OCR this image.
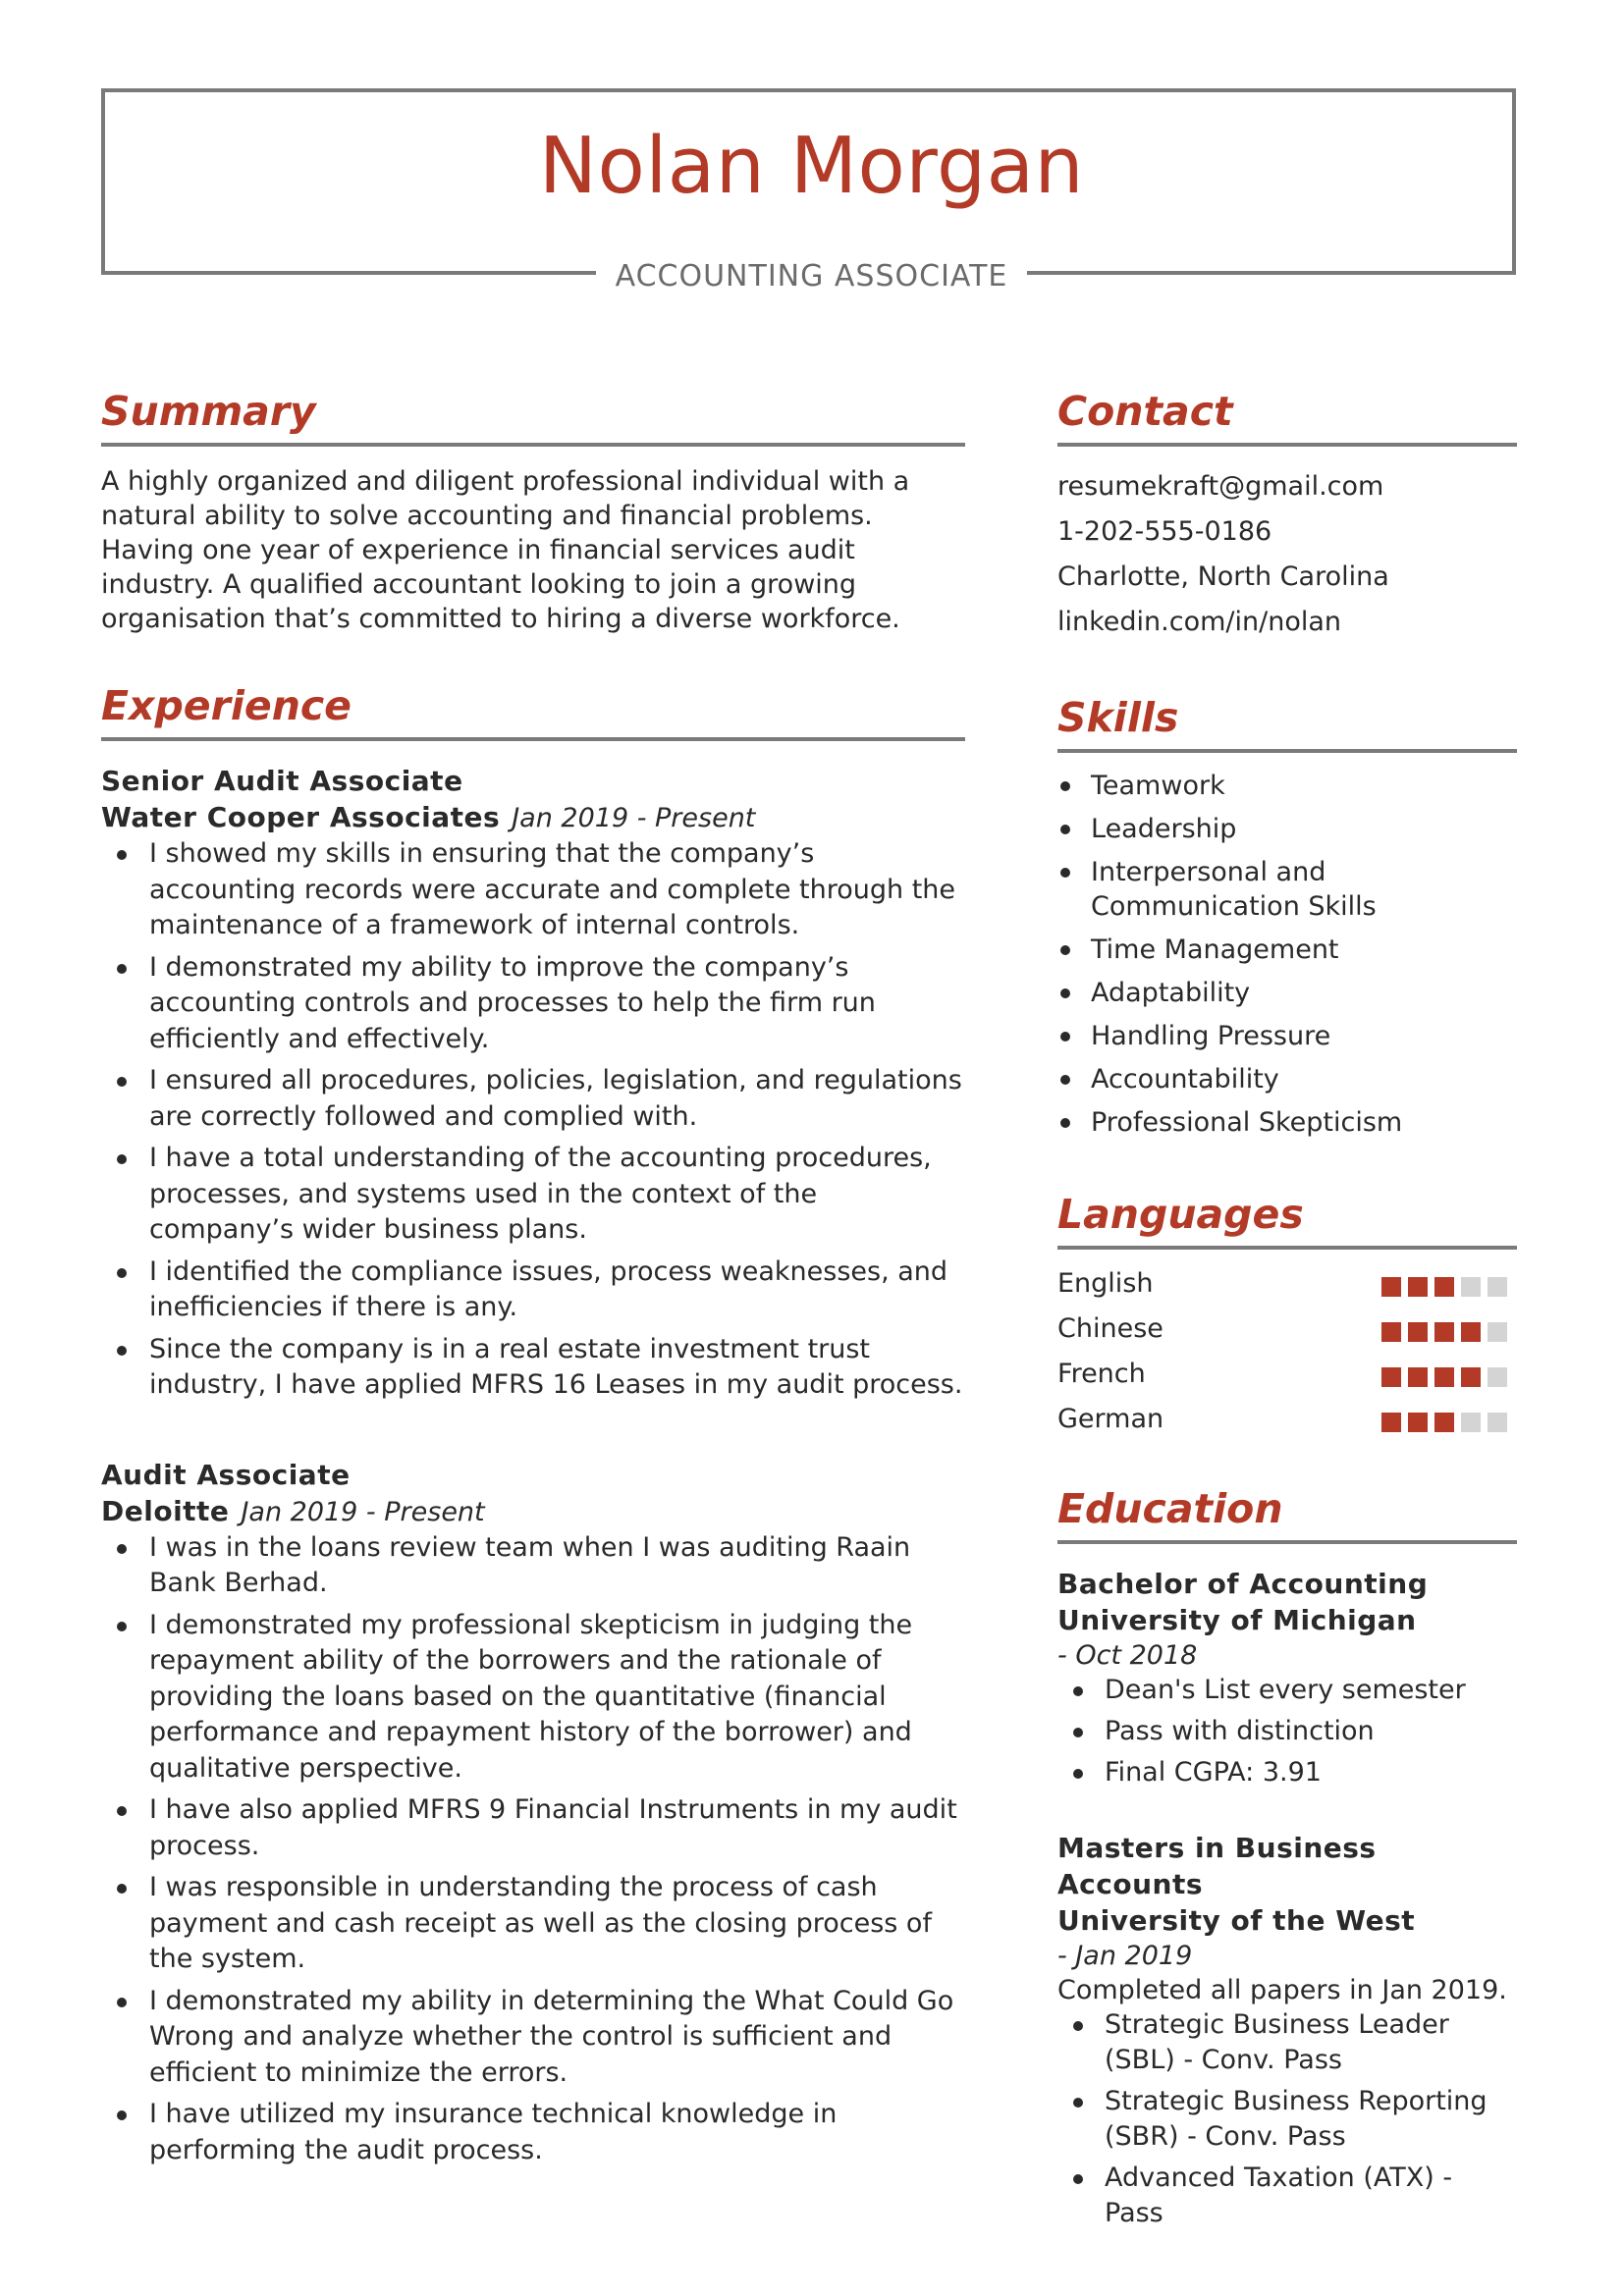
Nolan Morgan
ACCOUNTING ASSOCIATE
Summary

A highly organized and diligent professional individual with a natural ability to solve accounting and financial problems. Having one year of experience in financial services audit industry. A qualified accountant looking to join a growing organisation that’s committed to hiring a diverse workforce.

Experience
Senior Audit Associate
Water Cooper Associates Jan 2019 - Present
I showed my skills in ensuring that the company’s accounting records were accurate and complete through the maintenance of a framework of internal controls.
I demonstrated my ability to improve the company’s accounting controls and processes to help the firm run efficiently and effectively.
I ensured all procedures, policies, legislation, and regulations are correctly followed and complied with.
I have a total understanding of the accounting procedures, processes, and systems used in the context of the company’s wider business plans.
I identified the compliance issues, process weaknesses, and inefficiencies if there is any.
Since the company is in a real estate investment trust industry, I have applied MFRS 16 Leases in my audit process.
Audit Associate
Deloitte Jan 2019 - Present
I was in the loans review team when I was auditing Raain Bank Berhad.
I demonstrated my professional skepticism in judging the repayment ability of the borrowers and the rationale of providing the loans based on the quantitative (financial performance and repayment history of the borrower) and qualitative perspective.
I have also applied MFRS 9 Financial Instruments in my audit process.
I was responsible in understanding the process of cash payment and cash receipt as well as the closing process of the system.
I demonstrated my ability in determining the What Could Go Wrong and analyze whether the control is sufficient and efficient to minimize the errors.
I have utilized my insurance technical knowledge in performing the audit process.
Contact
resumekraft@gmail.com
1-202-555-0186
Charlotte, North Carolina
linkedin.com/in/nolan
Skills
Teamwork
Leadership
Interpersonal and Communication Skills
Time Management
Adaptability
Handling Pressure
Accountability
Professional Skepticism
Languages
English
Chinese
French
German
Education
Bachelor of Accounting
University of Michigan
- Oct 2018
Dean's List every semester
Pass with distinction
Final CGPA: 3.91
Masters in Business Accounts
University of the West
- Jan 2019
Completed all papers in Jan 2019.
Strategic Business Leader (SBL) - Conv. Pass
Strategic Business Reporting (SBR) - Conv. Pass
Advanced Taxation (ATX) - Pass
